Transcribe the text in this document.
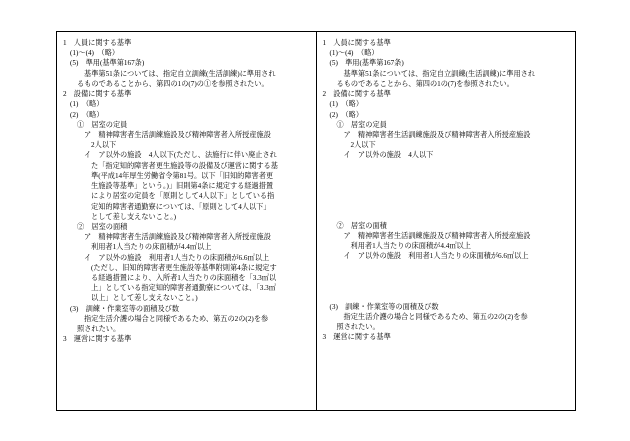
1　人員に関する基準
(1)～(4)　（略）
(5)　準用(基準第167条)
基準第51条については、指定自立訓練(生活訓練)に準用され
るものであることから、第四の1の(7)の①を参照されたい。
2　設備に関する基準
(1)　（略）
(2)　（略）
①　居室の定員
ア　精神障害者生活訓練施設及び精神障害者入所授産施設
2人以下
イ　ア以外の施設　4人以下(ただし、法施行に伴い廃止され
た「指定知的障害者更生施設等の設備及び運営に関する基
準(平成14年厚生労働省令第81号。以下「旧知的障害者更
生施設等基準」という。)」旧則第4条に規定する経過措置
により居室の定員を「原則として4人以下」としている指
定知的障害者通勤寮については、「原則として4人以下」
として差し支えないこと。)
②　居室の面積
ア　精神障害者生活訓練施設及び精神障害者入所授産施設
利用者1人当たりの床面積が4.4㎡以上
イ　ア以外の施設　利用者1人当たりの床面積が6.6㎡以上
(ただし、旧知的障害者更生施設等基準附則第4条に規定す
る経過措置により、入所者1人当たりの床面積を「3.3㎡以
上」としている指定知的障害者通勤寮については、「3.3㎡
以上」として差し支えないこと。)
(3)　訓練・作業室等の面積及び数
指定生活介護の場合と同様であるため、第五の2の(2)を参
照されたい。
3　運営に関する基準

1　人員に関する基準
(1)～(4)　（略）
(5)　準用(基準第167条)
基準第51条については、指定自立訓練(生活訓練)に準用され
るものであることから、第四の1の(7)を参照されたい。
2　設備に関する基準
(1)　（略）
(2)　（略）
①　居室の定員
ア　精神障害者生活訓練施設及び精神障害者入所授産施設
2人以下
イ　ア以外の施設　4人以下

②　居室の面積
ア　精神障害者生活訓練施設及び精神障害者入所授産施設
利用者1人当たりの床面積が4.4㎡以上
イ　ア以外の施設　利用者1人当たりの床面積が6.6㎡以上

(3)　訓練・作業室等の面積及び数
指定生活介護の場合と同様であるため、第五の2の(2)を参
照されたい。
3　運営に関する基準
